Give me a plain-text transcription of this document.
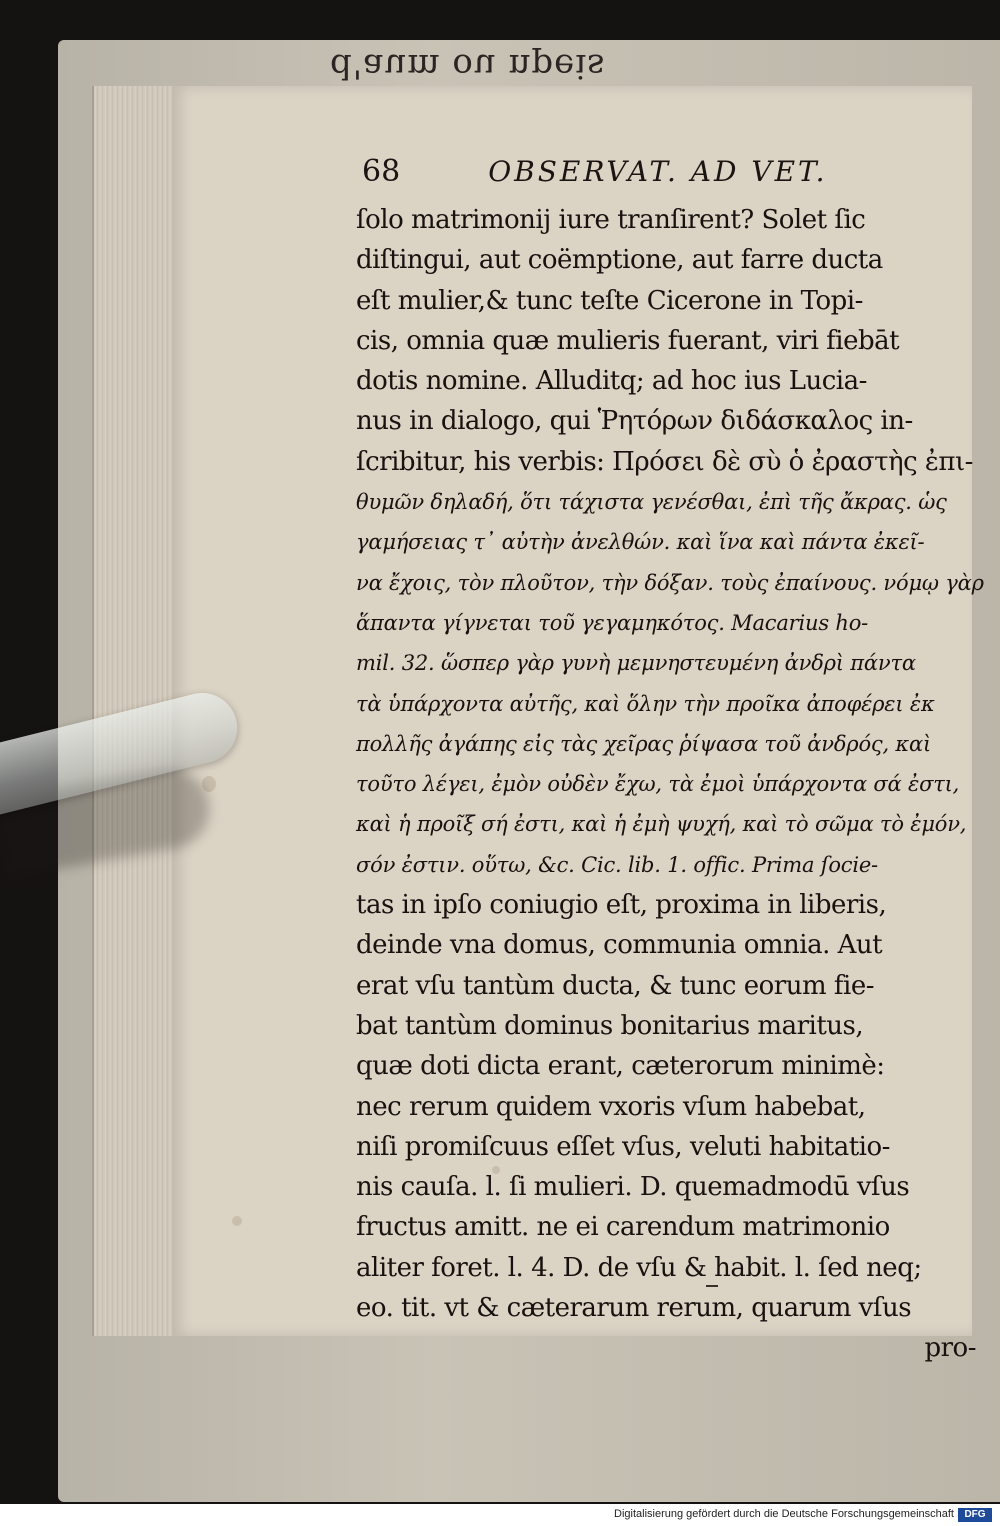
d'aum ou npeis
68	OBSERVAT. AD VET.
ſolo matrimonij iure tranſirent? Solet ſic
diſtingui, aut coëmptione, aut farre ducta
eſt mulier,& tunc teſte Cicerone in Topi-
cis, omnia quæ mulieris fuerant, viri fiebāt
dotis nomine. Alluditq; ad hoc ius Lucia-
nus in dialogo, qui Ῥητόρων διδάσκαλος in-
ſcribitur, his verbis: Πρόσει δὲ σὺ ὁ ἐραστὴς ἐπι-
θυμῶν δηλαδή, ὅτι τάχιστα γενέσθαι, ἐπὶ τῆς ἄκρας. ὡς
γαμήσειας τ᾽ αὐτὴν ἀνελθών. καὶ ἵνα καὶ πάντα ἐκεῖ-
να ἔχοις, τὸν πλοῦτον, τὴν δόξαν. τοὺς ἐπαίνους. νόμῳ γὰρ
ἅπαντα γίγνεται τοῦ γεγαμηκότος. Macarius ho-
mil. 32. ὥσπερ γὰρ γυνὴ μεμνηστευμένη ἀνδρὶ πάντα
τὰ ὑπάρχοντα αὐτῆς, καὶ ὅλην τὴν προῖκα ἀποφέρει ἐκ
πολλῆς ἀγάπης εἰς τὰς χεῖρας ῥίψασα τοῦ ἀνδρός, καὶ
τοῦτο λέγει, ἐμὸν οὐδὲν ἔχω, τὰ ἐμοὶ ὑπάρχοντα σά ἐστι,
καὶ ἡ προῖξ σή ἐστι, καὶ ἡ ἐμὴ ψυχή, καὶ τὸ σῶμα τὸ ἐμόν,
σόν ἐστιν. οὕτω, &c. Cic. lib. 1. offic. Prima ſocie-
tas in ipſo coniugio eſt, proxima in liberis,
deinde vna domus, communia omnia. Aut
erat vſu tantùm ducta, & tunc eorum fie-
bat tantùm dominus bonitarius maritus,
quæ doti dicta erant, cæterorum minimè:
nec rerum quidem vxoris vſum habebat,
niſi promiſcuus eſſet vſus, veluti habitatio-
nis cauſa. l. ſi mulieri. D. quemadmodū vſus
fructus amitt. ne ei carendum matrimonio
aliter foret. l. 4. D. de vſu & habit. l. ſed neq;
eo. tit. vt & cæterarum rerum, quarum vſus
pro-
Digitalisierung gefördert durch die Deutsche Forschungsgemeinschaft	DFG
